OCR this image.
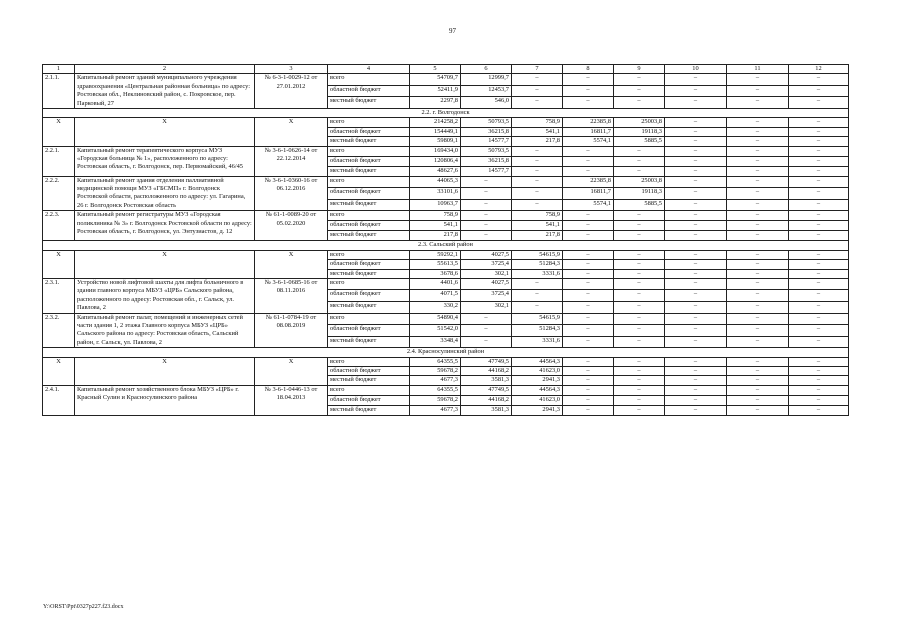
97
1	2	3	4	5	6	7	8	9	10	11	12
2.1.1.	Капитальный ремонт зданий муниципального учреждения здравоохранения «Центральная районная больница» по адресу: Ростовская обл., Неклиновский район, с. Покровское, пер. Парковый, 27	№ 6-3-1-0029-12 от 27.01.2012	всего	54709,7	12999,7	–	–	–	–	–	–
			областной бюджет	52411,9	12453,7	–	–	–	–	–	–
			местный бюджет	2297,8	546,0	–	–	–	–	–	–
2.2. г. Волгодонск											
Х	Х	Х	всего	214258,2	50793,5	758,9	22385,8	25003,8	–	–	–
			областной бюджет	154449,1	36215,8	541,1	16811,7	19118,3	–	–	–
			местный бюджет	59809,1	14577,7	217,8	5574,1	5885,5	–	–	–
2.2.1.	Капитальный ремонт терапевтического корпуса МУЗ «Городская больница № 1», расположенного по адресу: Ростовская область, г. Волгодонск, пер. Первомайский, 46/45	№ 3-6-1-0626-14 от 22.12.2014	всего	169434,0	50793,5	–	–	–	–	–	–
			областной бюджет	120806,4	36215,8	–	–	–	–	–	–
			местный бюджет	48627,6	14577,7	–	–	–	–	–	–
2.2.2.	Капитальный ремонт здания отделения паллиативной медицинской помощи МУЗ «ГБСМП» г. Волгодонск Ростовской области, расположенного по адресу: ул. Гагарина, 26 г. Волгодонск Ростовская область	№ 3-6-1-0360-16 от 06.12.2016	всего	44065,3	–	–	22385,8	25003,8	–	–	–
			областной бюджет	33101,6	–	–	16811,7	19118,3	–	–	–
			местный бюджет	10963,7	–	–	5574,1	5885,5	–	–	–
2.2.3.	Капитальный ремонт регистратуры МУЗ «Городская поликлиника № 3» г. Волгодонск Ростовской области по адресу: Ростовская область, г. Волгодонск, ул. Энтузиастов, д. 12	№ 61-1-0089-20 от 05.02.2020	всего	758,9	–	758,9	–	–	–	–	–
			областной бюджет	541,1	–	541,1	–	–	–	–	–
			местный бюджет	217,8	–	217,8	–	–	–	–	–
2.3. Сальский район											
Х	Х	Х	всего	59292,1	4027,5	54615,9	–	–	–	–	–
			областной бюджет	55613,5	3725,4	51284,3	–	–	–	–	–
			местный бюджет	3678,6	302,1	3331,6	–	–	–	–	–
2.3.1.	Устройство новой лифтовой шахты для лифта больничного в здании главного корпуса МБУЗ «ЦРБ» Сальского района, расположенного по адресу: Ростовская обл., г. Сальск, ул. Павлова, 2	№ 3-6-1-0685-16 от 08.11.2016	всего	4401,6	4027,5	–	–	–	–	–	–
			областной бюджет	4071,5	3725,4	–	–	–	–	–	–
			местный бюджет	330,2	302,1	–	–	–	–	–	–
2.3.2.	Капитальный ремонт палат, помещений и инженерных сетей части здания 1, 2 этажа Главного корпуса МБУЗ «ЦРБ» Сальского района по адресу: Ростовская область, Сальский район, г. Сальск, ул. Павлова, 2	№ 61-1-0784-19 от 08.08.2019	всего	54890,4	–	54615,9	–	–	–	–	–
			областной бюджет	51542,0	–	51284,3	–	–	–	–	–
			местный бюджет	3348,4	–	3331,6	–	–	–	–	–
2.4. Красносулинский район											
Х	Х	Х	всего	64355,5	47749,5	44564,3	–	–	–	–	–
			областной бюджет	59678,2	44168,2	41623,0	–	–	–	–	–
			местный бюджет	4677,3	3581,3	2941,3	–	–	–	–	–
2.4.1.	Капитальный ремонт хозяйственного блока МБУЗ «ЦРБ» г. Красный Сулин и Красносулинского района	№ 3-6-1-0446-13 от 18.04.2013	всего	64355,5	47749,5	44564,3	–	–	–	–	–
			областной бюджет	59678,2	44168,2	41623,0	–	–	–	–	–
			местный бюджет	4677,3	3581,3	2941,3	–	–	–	–	–
Y:\ORST\Ppt\0327p227.f23.docx
